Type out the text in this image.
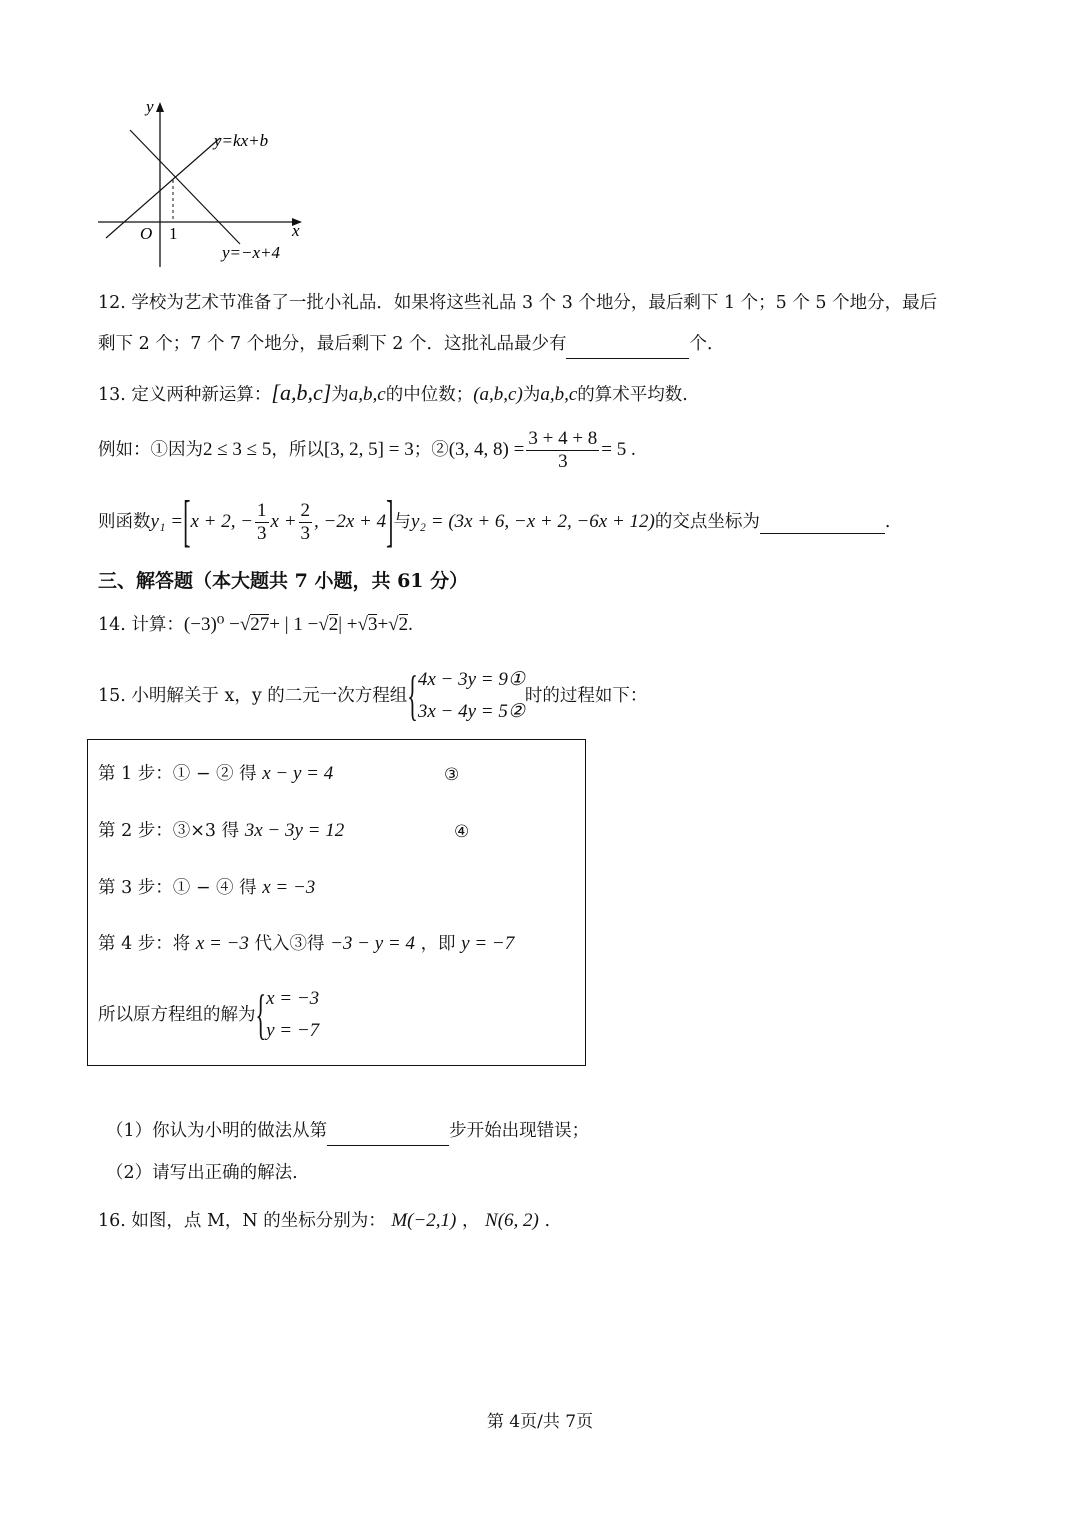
y
x
O 1
y=kx+b
y=−x+4
12. 学校为艺术节准备了一批小礼品．如果将这些礼品 3 个 3 个地分，最后剩下 1 个；5 个 5 个地分，最后
剩下 2 个；7 个 7 个地分，最后剩下 2 个．这批礼品最少有	个．
13. 定义两种新运算：[a,b,c]为a,b,c的中位数；(a,b,c)为a,b,c的算术平均数.
例如：①因为 2 ≤ 3 ≤ 5 ，所以 [3, 2, 5] = 3 ；② (3, 4, $8) = \frac{3 + 4 + 8}{3} = 5$ .
则函数 y₁ = [ x + 2, − $\frac{1}{3}$ $x + \frac{2}{3}$ , −2x + 4 ] 与 y₂ = (3x + 6, −x + 2, −6x + 12) 的交点坐标为
	.
三、解答题（本大题共 7 小题，共 61 分）
14. 计算： (−3)⁰ − √27 + | 1 − √2 | + √3 + √2 .
15. 小明解关于 x，y 的二元一次方程组 { 4x − 3y = 9①
3x − 4y = 5②
时的过程如下：
第 1 步：① − ② 得 x − y = 4	③
第 2 步：③×3 得 3x − 3y = 12	④
第 3 步：① − ④ 得 x = −3
第 4 步：将 x = −3 代入③得 −3 − y = 4 ，即 y = −7
所以原方程组的解为 { x = −3
y = −7
（1）你认为小明的做法从第	步开始出现错误；
（2）请写出正确的解法.
16. 如图，点 M，N 的坐标分别为： M(−2,1) ， N(6, 2) .
第 4页/共 7页
